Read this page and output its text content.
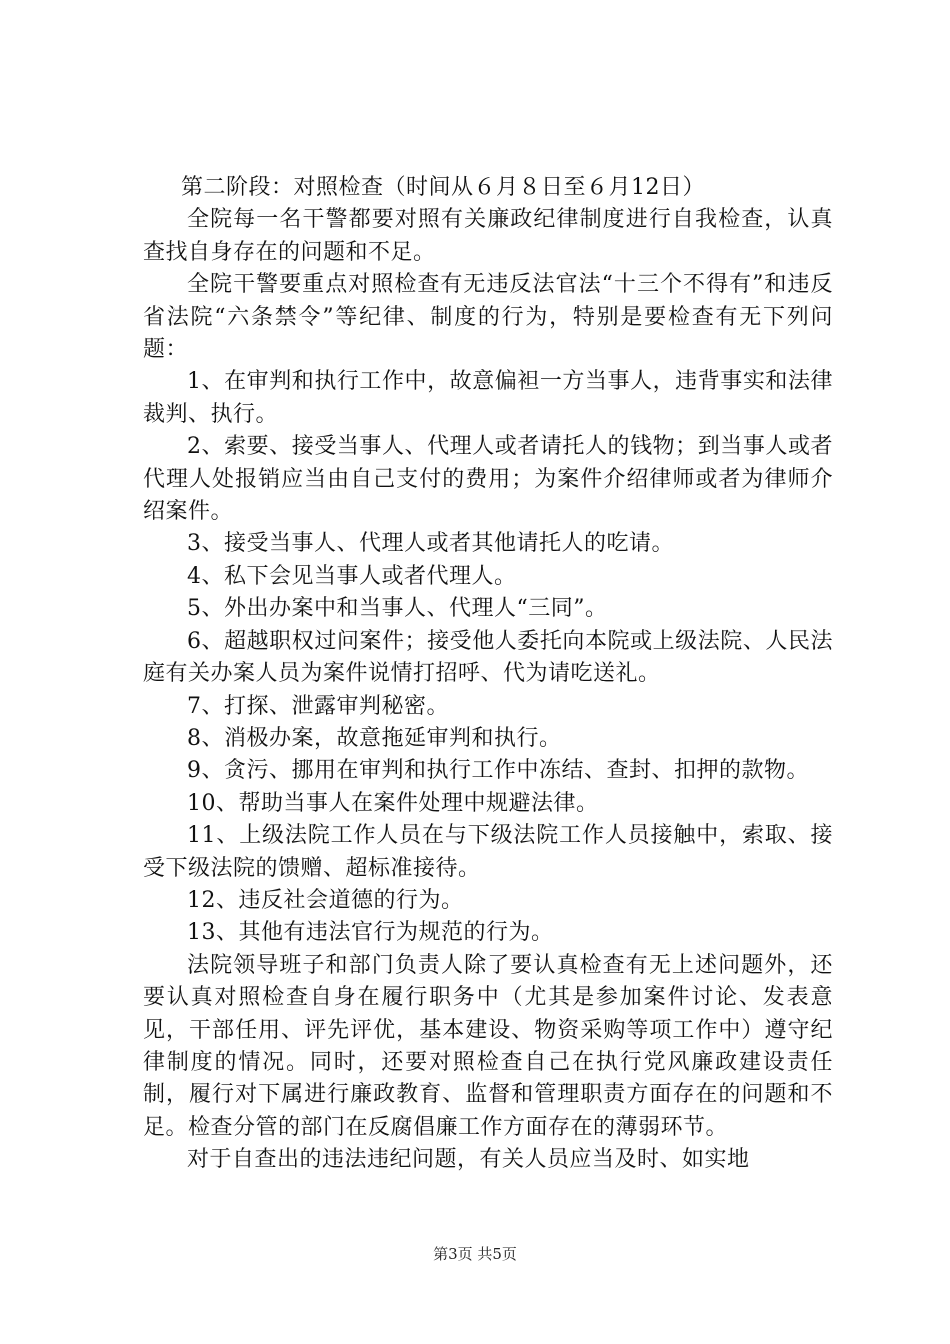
第二阶段：对照检查（时间从６月８日至６月12日）

全院每一名干警都要对照有关廉政纪律制度进行自我检查，认真查找自身存在的问题和不足。

全院干警要重点对照检查有无违反法官法“十三个不得有”和违反省法院“六条禁令”等纪律、制度的行为，特别是要检查有无下列问题：

1、在审判和执行工作中，故意偏袒一方当事人，违背事实和法律裁判、执行。

2、索要、接受当事人、代理人或者请托人的钱物；到当事人或者代理人处报销应当由自己支付的费用；为案件介绍律师或者为律师介绍案件。

3、接受当事人、代理人或者其他请托人的吃请。

4、私下会见当事人或者代理人。

5、外出办案中和当事人、代理人“三同”。

6、超越职权过问案件；接受他人委托向本院或上级法院、人民法庭有关办案人员为案件说情打招呼、代为请吃送礼。

7、打探、泄露审判秘密。

8、消极办案，故意拖延审判和执行。

9、贪污、挪用在审判和执行工作中冻结、查封、扣押的款物。

10、帮助当事人在案件处理中规避法律。

11、上级法院工作人员在与下级法院工作人员接触中，索取、接受下级法院的馈赠、超标准接待。

12、违反社会道德的行为。

13、其他有违法官行为规范的行为。

法院领导班子和部门负责人除了要认真检查有无上述问题外，还要认真对照检查自身在履行职务中（尤其是参加案件讨论、发表意见，干部任用、评先评优，基本建设、物资采购等项工作中）遵守纪律制度的情况。同时，还要对照检查自己在执行党风廉政建设责任制，履行对下属进行廉政教育、监督和管理职责方面存在的问题和不足。检查分管的部门在反腐倡廉工作方面存在的薄弱环节。

对于自查出的违法违纪问题，有关人员应当及时、如实地

第3页 共5页
